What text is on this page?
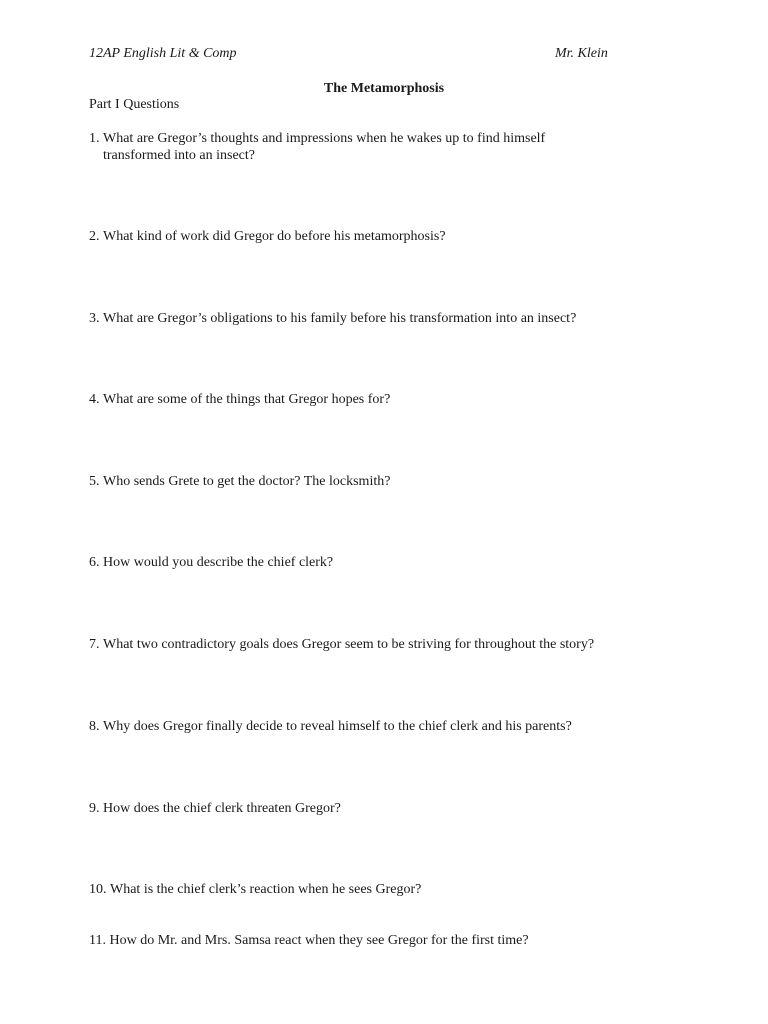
12AP English Lit & Comp	Mr. Klein
The Metamorphosis
Part I Questions
1. What are Gregor’s thoughts and impressions when he wakes up to find himself transformed into an insect?
2. What kind of work did Gregor do before his metamorphosis?
3. What are Gregor’s obligations to his family before his transformation into an insect?
4. What are some of the things that Gregor hopes for?
5. Who sends Grete to get the doctor? The locksmith?
6. How would you describe the chief clerk?
7. What two contradictory goals does Gregor seem to be striving for throughout the story?
8. Why does Gregor finally decide to reveal himself to the chief clerk and his parents?
9. How does the chief clerk threaten Gregor?
10. What is the chief clerk’s reaction when he sees Gregor?
11. How do Mr. and Mrs. Samsa react when they see Gregor for the first time?
